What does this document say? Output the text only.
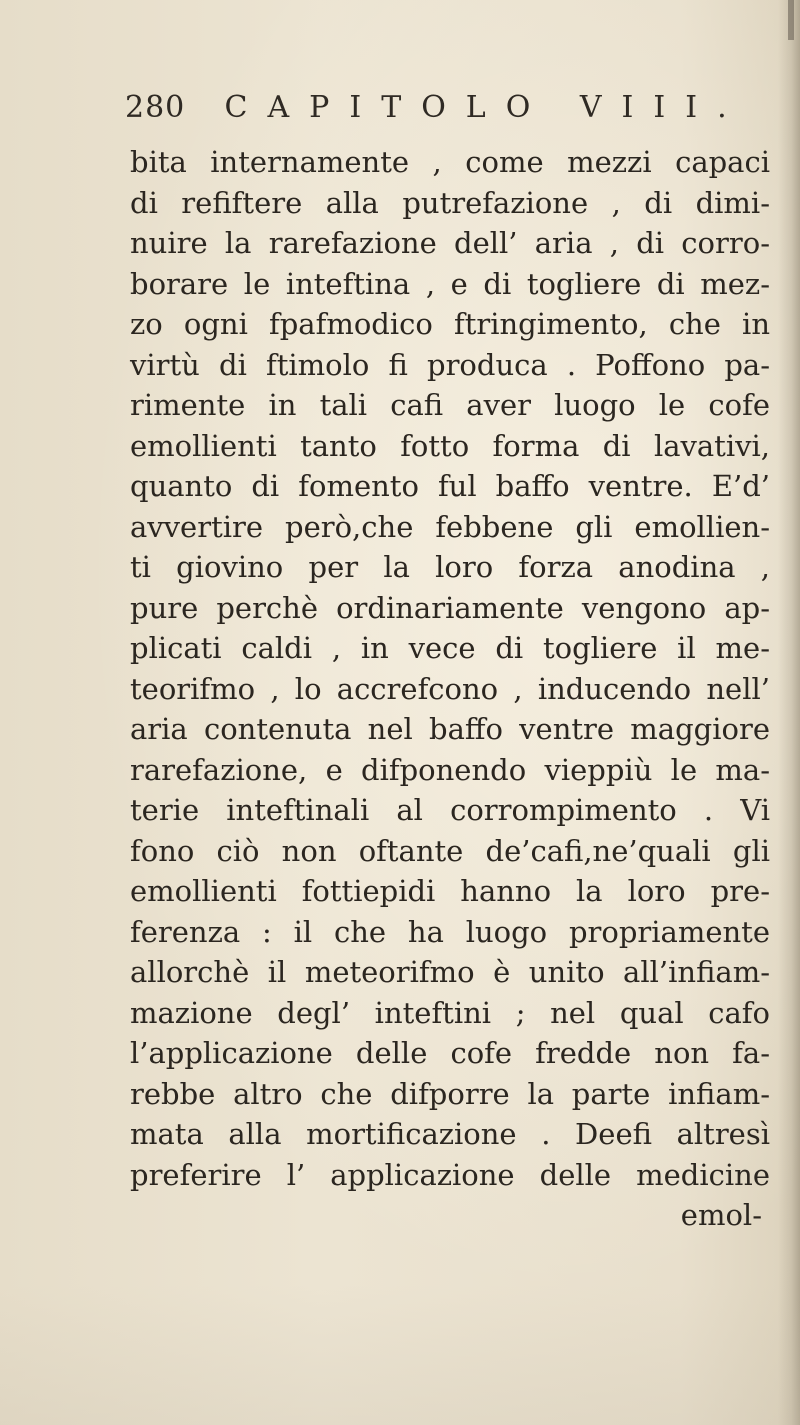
280 CAPITOLO VIII.
bita internamente , come mezzi capaci
di refiftere alla putrefazione , di dimi-
nuire la rarefazione dell’ aria , di corro-
borare le inteftina , e di togliere di mez-
zo ogni fpafmodico ftringimento, che in
virtù di ftimolo fi produca . Poffono pa-
rimente in tali cafi aver luogo le cofe
emollienti tanto fotto forma di lavativi,
quanto di fomento ful baffo ventre. E’d’
avvertire però,che febbene gli emollien-
ti giovino per la loro forza anodina ,
pure perchè ordinariamente vengono ap-
plicati caldi , in vece di togliere il me-
teorifmo , lo accrefcono , inducendo nell’
aria contenuta nel baffo ventre maggiore
rarefazione, e difponendo vieppiù le ma-
terie inteftinali al corrompimento . Vi
fono ciò non oftante de’cafi,ne’quali gli
emollienti fottiepidi hanno la loro pre-
ferenza : il che ha luogo propriamente
allorchè il meteorifmo è unito all’infiam-
mazione degl’ inteftini ; nel qual cafo
l’applicazione delle cofe fredde non fa-
rebbe altro che difporre la parte infiam-
mata alla mortificazione . Deefi altresì
preferire l’ applicazione delle medicine
emol-
